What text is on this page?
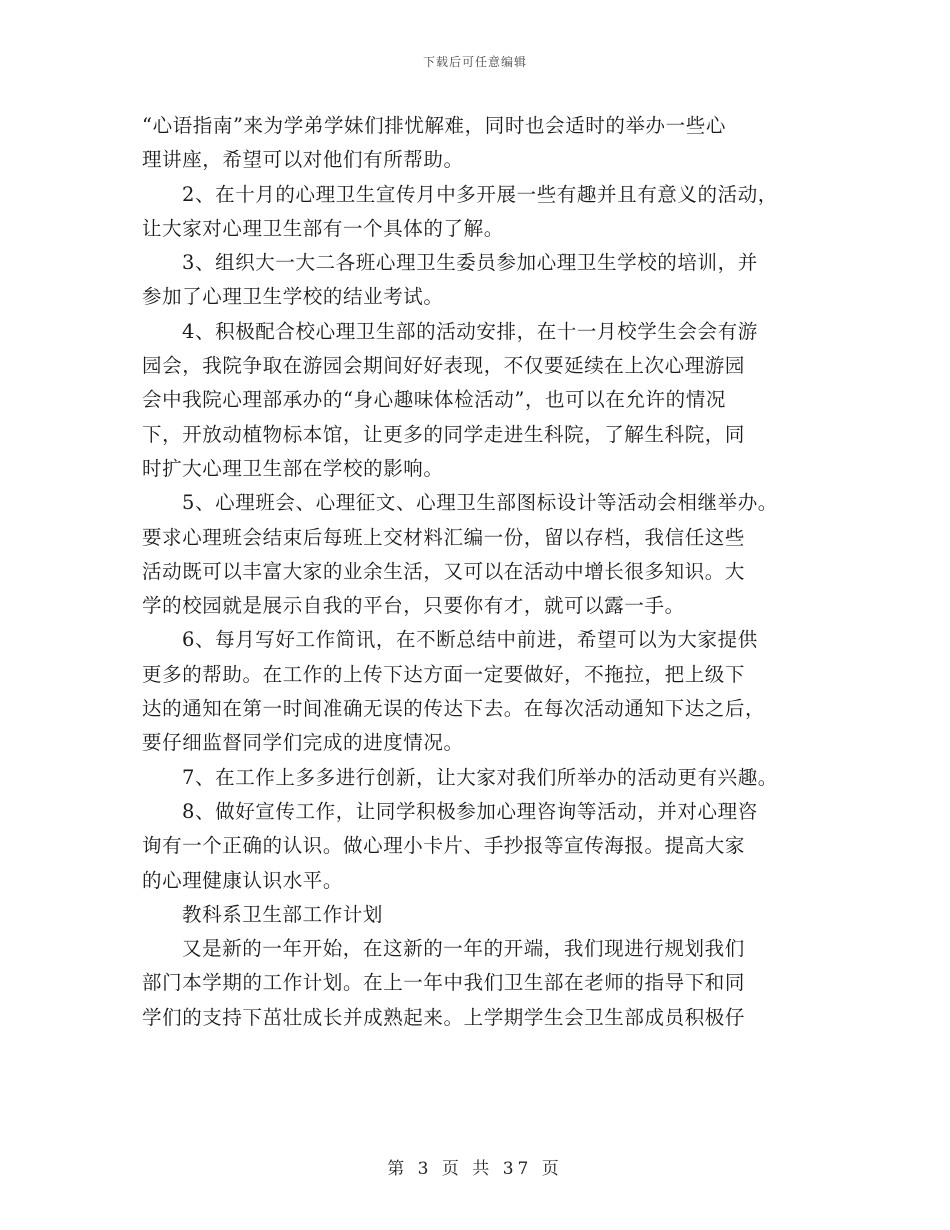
下载后可任意编辑
“心语指南”来为学弟学妹们排忧解难，同时也会适时的举办一些心
理讲座，希望可以对他们有所帮助。
2、在十月的心理卫生宣传月中多开展一些有趣并且有意义的活动，
让大家对心理卫生部有一个具体的了解。
3、组织大一大二各班心理卫生委员参加心理卫生学校的培训，并
参加了心理卫生学校的结业考试。
4、积极配合校心理卫生部的活动安排，在十一月校学生会会有游
园会，我院争取在游园会期间好好表现，不仅要延续在上次心理游园
会中我院心理部承办的“身心趣味体检活动”，也可以在允许的情况
下，开放动植物标本馆，让更多的同学走进生科院，了解生科院，同
时扩大心理卫生部在学校的影响。
5、心理班会、心理征文、心理卫生部图标设计等活动会相继举办。
要求心理班会结束后每班上交材料汇编一份，留以存档，我信任这些
活动既可以丰富大家的业余生活，又可以在活动中增长很多知识。大
学的校园就是展示自我的平台，只要你有才，就可以露一手。
6、每月写好工作简讯，在不断总结中前进，希望可以为大家提供
更多的帮助。在工作的上传下达方面一定要做好，不拖拉，把上级下
达的通知在第一时间准确无误的传达下去。在每次活动通知下达之后，
要仔细监督同学们完成的进度情况。
7、在工作上多多进行创新，让大家对我们所举办的活动更有兴趣。
8、做好宣传工作，让同学积极参加心理咨询等活动，并对心理咨
询有一个正确的认识。做心理小卡片、手抄报等宣传海报。提高大家
的心理健康认识水平。
教科系卫生部工作计划
又是新的一年开始，在这新的一年的开端，我们现进行规划我们
部门本学期的工作计划。在上一年中我们卫生部在老师的指导下和同
学们的支持下茁壮成长并成熟起来。上学期学生会卫生部成员积极仔
第 3 页 共 37 页
